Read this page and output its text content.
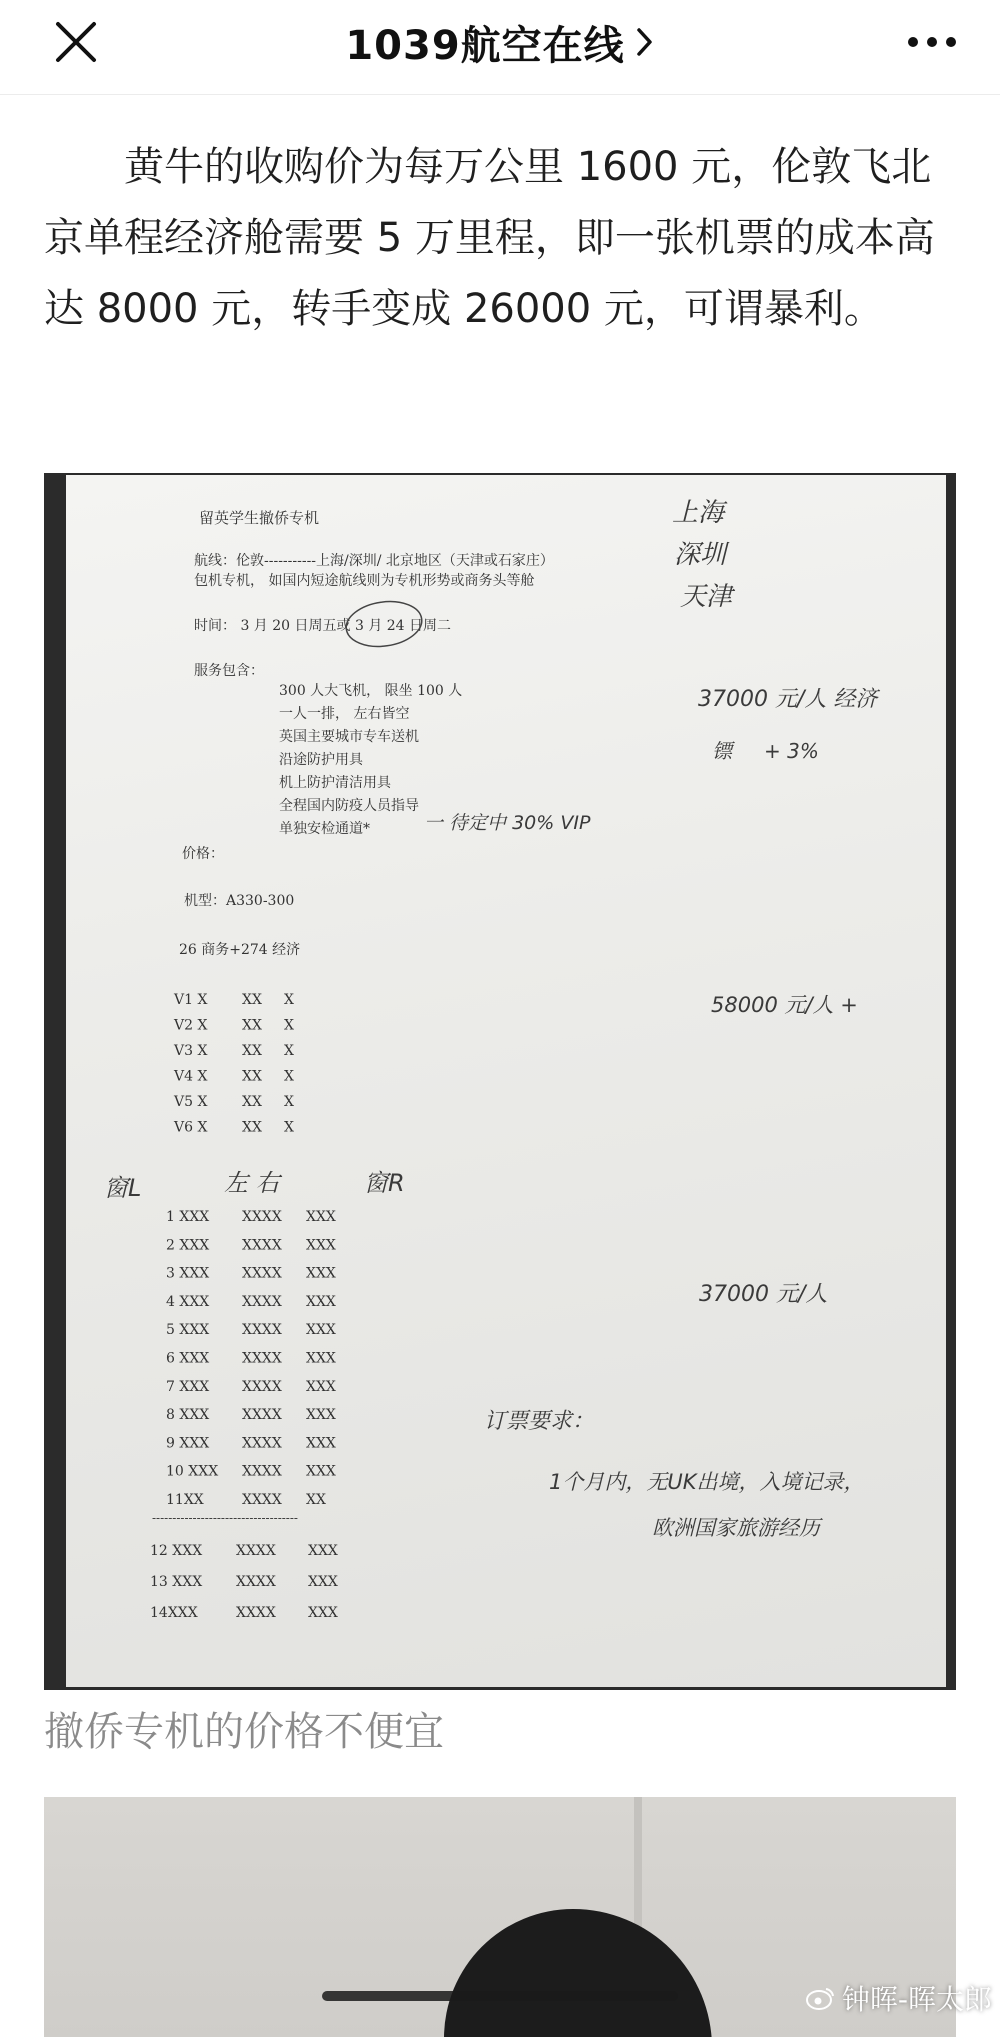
1039航空在线

黄牛的收购价为每万公里 1600 元，伦敦飞北京单程经济舱需要 5 万里程，即一张机票的成本高达 8000 元，转手变成 26000 元，可谓暴利。

留英学生撤侨专机
航线：伦敦-----------上海/深圳/ 北京地区（天津或石家庄）
包机专机， 如国内短途航线则为专机形势或商务头等舱
时间： 3 月 20 日周五或 3 月 24 日周二
服务包含：
300 人大飞机， 限坐 100 人
一人一排， 左右皆空
英国主要城市专车送机
沿途防护用具
机上防护清洁用具
全程国内防疫人员指导
单独安检通道*
价格：
机型：A330-300
26 商务+274 经济
V1 X XX X
V2 X XX X
V3 X XX X
V4 X XX X
V5 X XX X
V6 X XX X
1 XXX XXXX XXX
2 XXX XXXX XXX
3 XXX XXXX XXX
4 XXX XXXX XXX
5 XXX XXXX XXX
6 XXX XXXX XXX
7 XXX XXXX XXX
8 XXX XXXX XXX
9 XXX XXXX XXX
10 XXX XXXX XXX
11XX	XXXX XX
------------------------------------
12 XXX XXXX XXX
13 XXX XXXX XXX
14XXX	XXXX XXX
上海
深圳
天津
37000 元/人 经济
镖 + 3%
一 待定中 30% VIP
窗L	左 右	窗R
58000 元/人 +
37000 元/人
订票要求：
1个月内，无UK出境，入境记录，
欧洲国家旅游经历
撤侨专机的价格不便宜
钟晖-晖太郎
